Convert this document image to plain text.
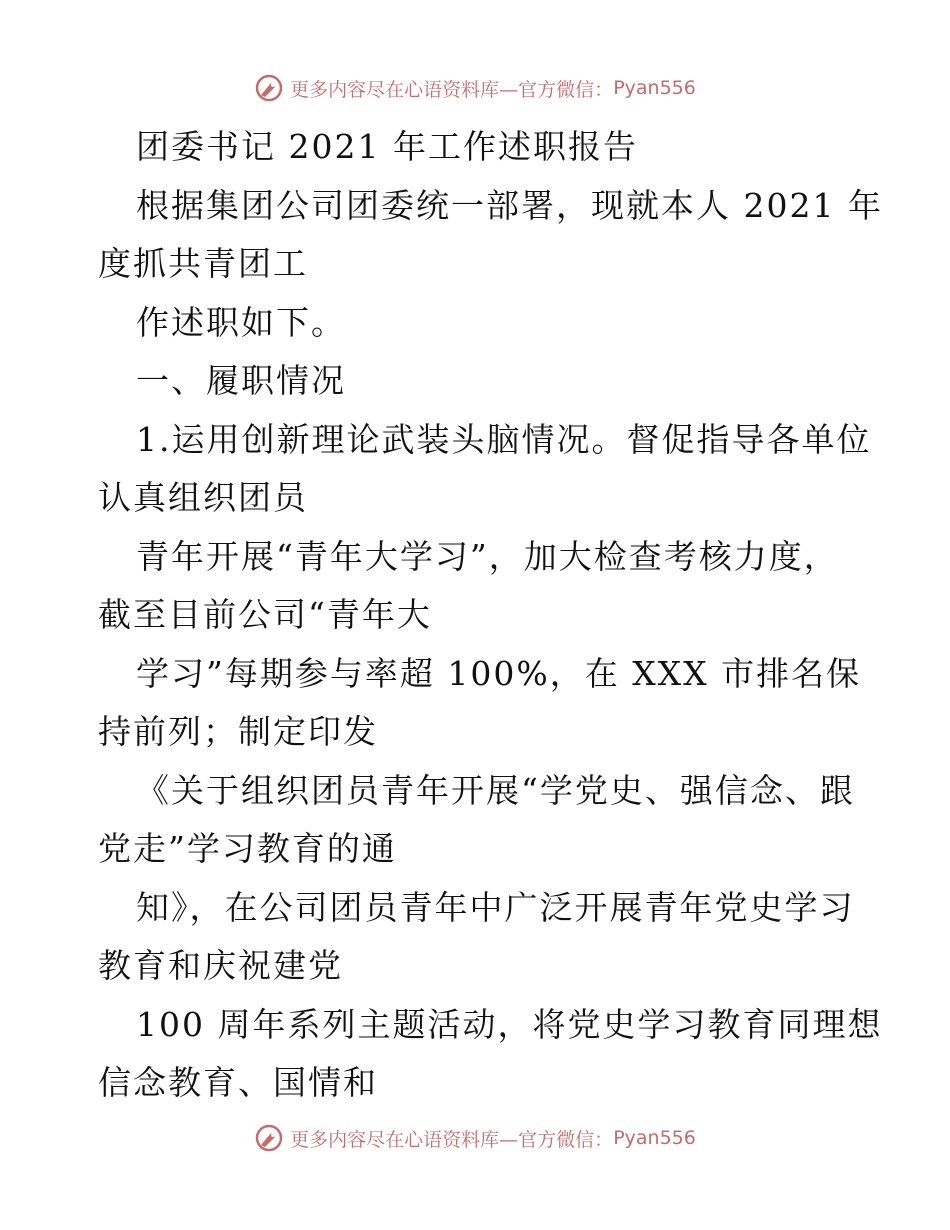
更多内容尽在心语资料库 —官方微信： Pyan556
团委书记 2021 年工作述职报告
根据集团公司团委统一部署，现就本人 2021 年
度抓共青团工
作述职如下。
一、履职情况
1.运用创新理论武装头脑情况。督促指导各单位
认真组织团员
青年开展“青年大学习”，加大检查考核力度，
截至目前公司“青年大
学习”每期参与率超 100%，在 XXX 市排名保
持前列；制定印发
《关于组织团员青年开展“学党史、强信念、跟
党走”学习教育的通
知》，在公司团员青年中广泛开展青年党史学习
教育和庆祝建党
100 周年系列主题活动，将党史学习教育同理想
信念教育、国情和
更多内容尽在心语资料库 —官方微信： Pyan556
